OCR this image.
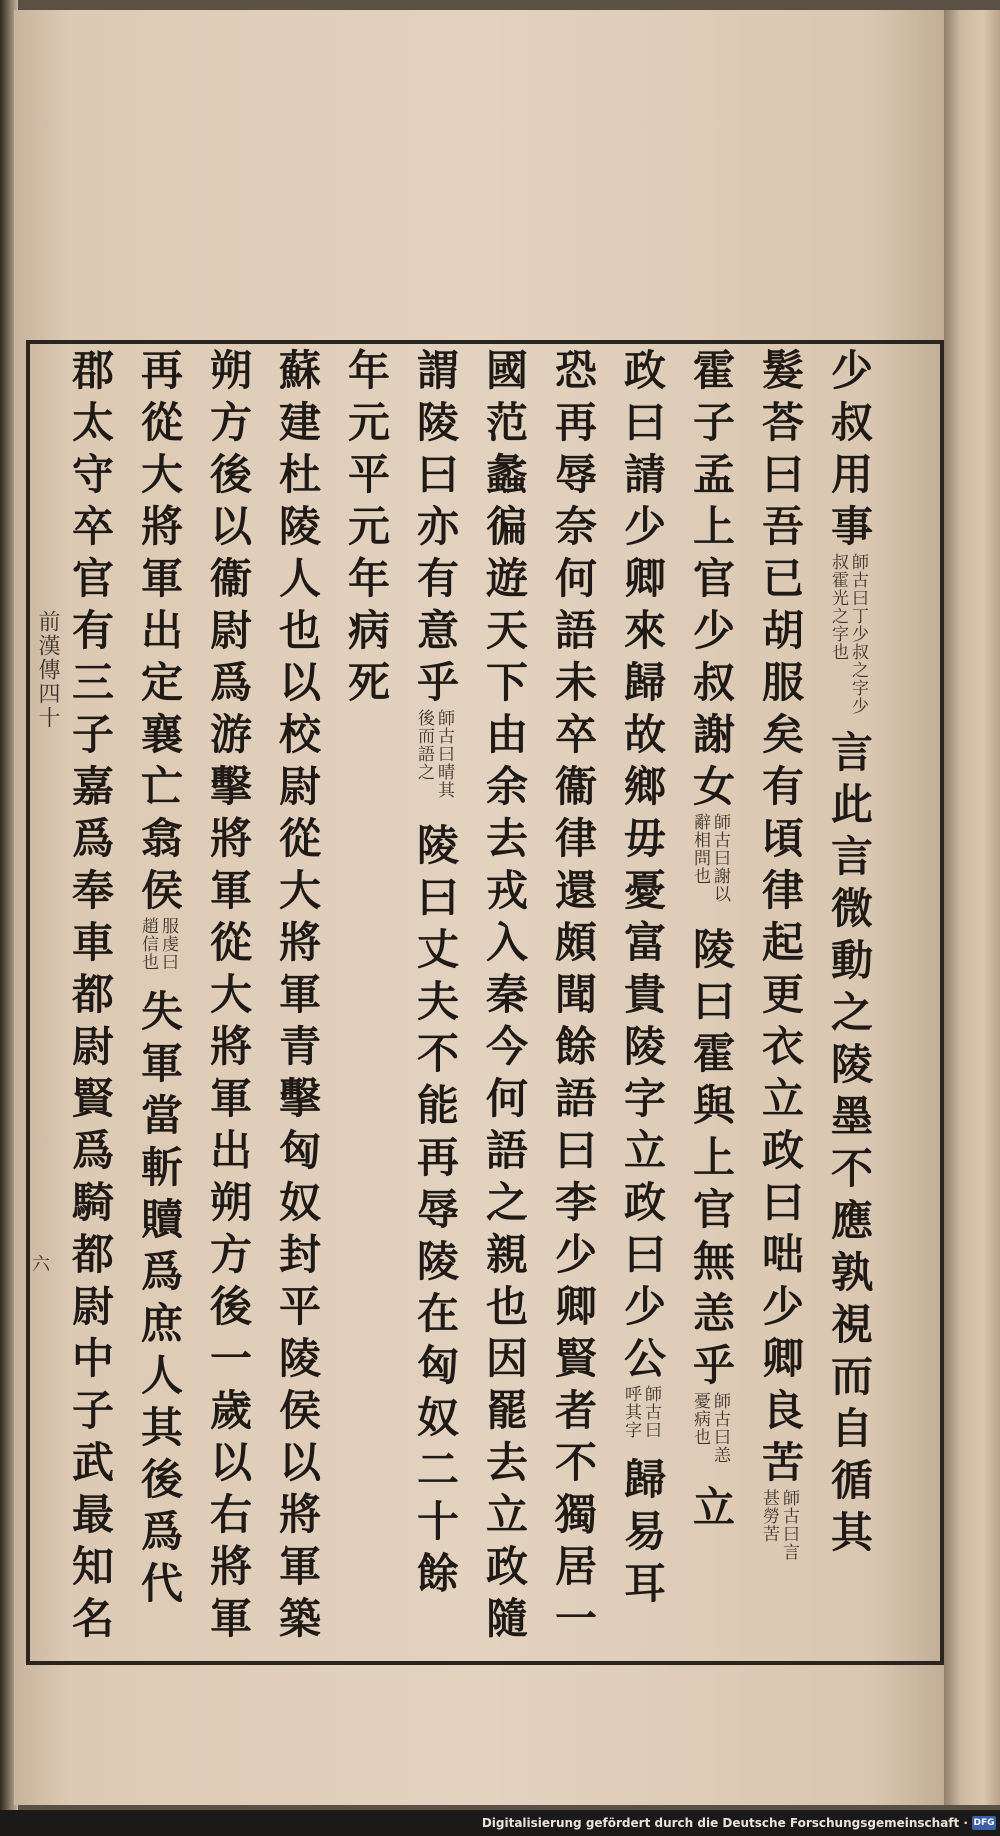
前漢傳四十
六
少
叔
用
事
師古曰丁少叔之字少叔霍光之字也
言
此
言
微
動
之
陵
墨
不
應
孰
視
而
自
循
其
髮
荅
曰
吾
已
胡
服
矣
有
頃
律
起
更
衣
立
政
曰
咄
少
卿
良
苦
師古曰言甚勞苦
霍
子
孟
上
官
少
叔
謝
女
師古曰謝以辭相問也
陵
曰
霍
與
上
官
無
恙
乎
師古曰恙憂病也
立
政
曰
請
少
卿
來
歸
故
鄉
毋
憂
富
貴
陵
字
立
政
曰
少
公
師古曰呼其字
歸
易
耳
恐
再
辱
奈
何
語
未
卒
衞
律
還
頗
聞
餘
語
曰
李
少
卿
賢
者
不
獨
居
一
國
范
蠡
徧
遊
天
下
由
余
去
戎
入
秦
今
何
語
之
親
也
因
罷
去
立
政
隨
謂
陵
曰
亦
有
意
乎
師古曰晴其後而語之
陵
曰
丈
夫
不
能
再
辱
陵
在
匈
奴
二
十
餘
年
元
平
元
年
病
死
蘇
建
杜
陵
人
也
以
校
尉
從
大
將
軍
青
擊
匈
奴
封
平
陵
侯
以
將
軍
築
朔
方
後
以
衞
尉
爲
游
擊
將
軍
從
大
將
軍
出
朔
方
後
一
歲
以
右
將
軍
再
從
大
將
軍
出
定
襄
亡
翕
侯
服虔曰趙信也
失
軍
當
斬
贖
爲
庶
人
其
後
爲
代
郡
太
守
卒
官
有
三
子
嘉
爲
奉
車
都
尉
賢
爲
騎
都
尉
中
子
武
最
知
名
Digitalisierung gefördert durch die Deutsche Forschungsgemeinschaft · DFG
